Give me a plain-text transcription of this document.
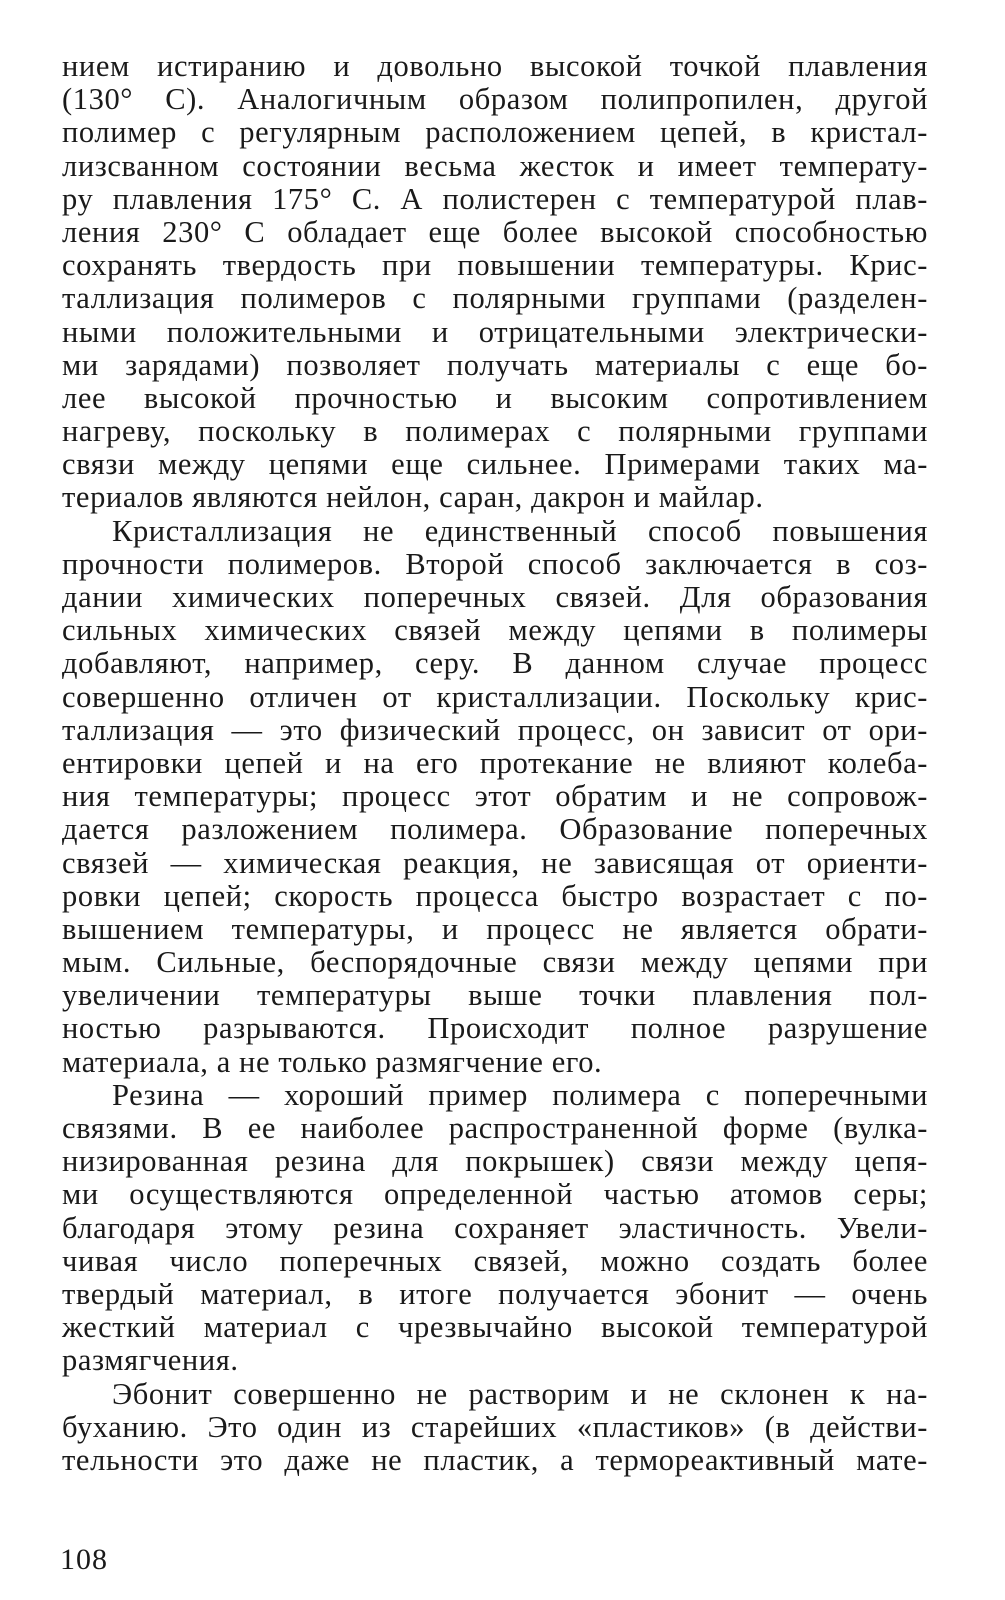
нием истиранию и довольно высокой точкой плавления
(130° С). Аналогичным образом полипропилен, другой
полимер с регулярным расположением цепей, в кристал-
лизсванном состоянии весьма жесток и имеет температу-
ру плавления 175° С. А полистерен с температурой плав-
ления 230° С обладает еще более высокой способностью
сохранять твердость при повышении температуры. Крис-
таллизация полимеров с полярными группами (разделен-
ными положительными и отрицательными электрически-
ми зарядами) позволяет получать материалы с еще бо-
лее высокой прочностью и высоким сопротивлением
нагреву, поскольку в полимерах с полярными группами
связи между цепями еще сильнее. Примерами таких ма-
териалов являются нейлон, саран, дакрон и майлар.
Кристаллизация не единственный способ повышения
прочности полимеров. Второй способ заключается в соз-
дании химических поперечных связей. Для образования
сильных химических связей между цепями в полимеры
добавляют, например, серу. В данном случае процесс
совершенно отличен от кристаллизации. Поскольку крис-
таллизация — это физический процесс, он зависит от ори-
ентировки цепей и на его протекание не влияют колеба-
ния температуры; процесс этот обратим и не сопровож-
дается разложением полимера. Образование поперечных
связей — химическая реакция, не зависящая от ориенти-
ровки цепей; скорость процесса быстро возрастает с по-
вышением температуры, и процесс не является обрати-
мым. Сильные, беспорядочные связи между цепями при
увеличении температуры выше точки плавления пол-
ностью разрываются. Происходит полное разрушение
материала, а не только размягчение его.
Резина — хороший пример полимера с поперечными
связями. В ее наиболее распространенной форме (вулка-
низированная резина для покрышек) связи между цепя-
ми осуществляются определенной частью атомов серы;
благодаря этому резина сохраняет эластичность. Увели-
чивая число поперечных связей, можно создать более
твердый материал, в итоге получается эбонит — очень
жесткий материал с чрезвычайно высокой температурой
размягчения.
Эбонит совершенно не растворим и не склонен к на-
буханию. Это один из старейших «пластиков» (в действи-
тельности это даже не пластик, а термореактивный мате-
108
